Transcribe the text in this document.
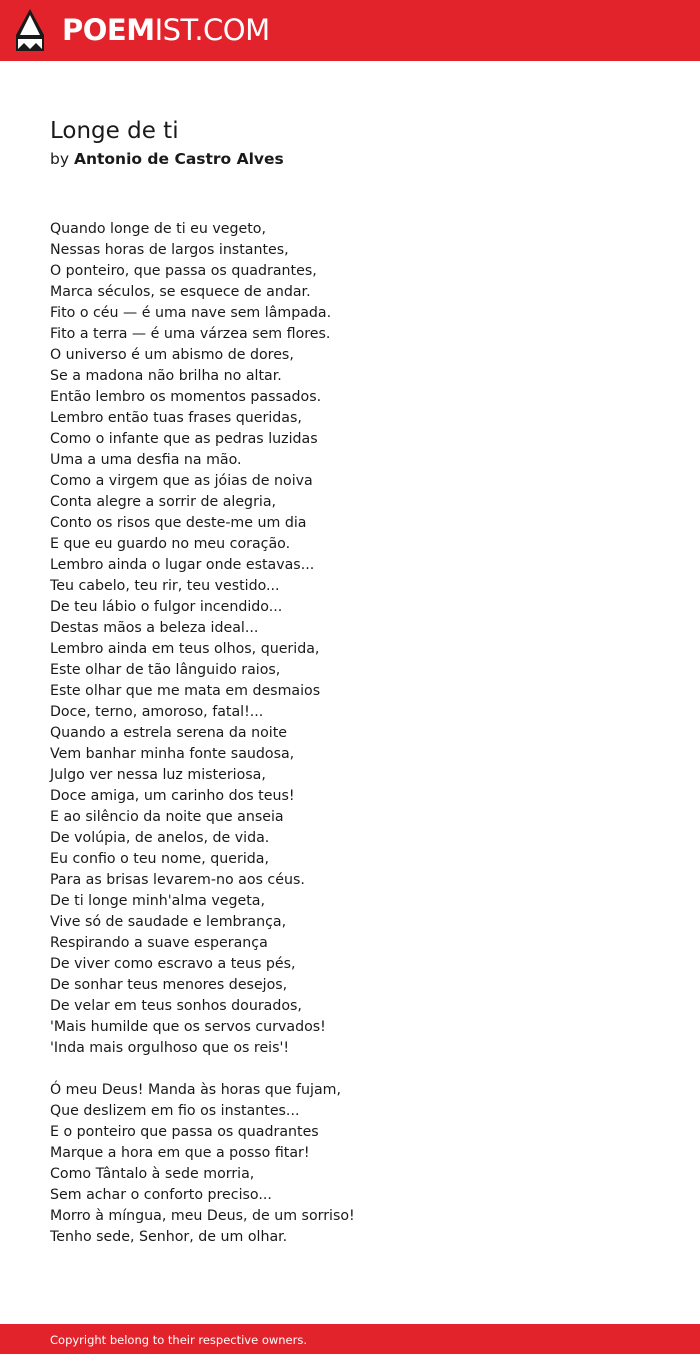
POEMIST.COM
Longe de ti
by Antonio de Castro Alves
Quando longe de ti eu vegeto,
Nessas horas de largos instantes,
O ponteiro, que passa os quadrantes,
Marca séculos, se esquece de andar.
Fito o céu — é uma nave sem lâmpada.
Fito a terra — é uma várzea sem flores.
O universo é um abismo de dores,
Se a madona não brilha no altar.
Então lembro os momentos passados.
Lembro então tuas frases queridas,
Como o infante que as pedras luzidas
Uma a uma desfia na mão.
Como a virgem que as jóias de noiva
Conta alegre a sorrir de alegria,
Conto os risos que deste-me um dia
E que eu guardo no meu coração.
Lembro ainda o lugar onde estavas...
Teu cabelo, teu rir, teu vestido...
De teu lábio o fulgor incendido...
Destas mãos a beleza ideal...
Lembro ainda em teus olhos, querida,
Este olhar de tão lânguido raios,
Este olhar que me mata em desmaios
Doce, terno, amoroso, fatal!...
Quando a estrela serena da noite
Vem banhar minha fonte saudosa,
Julgo ver nessa luz misteriosa,
Doce amiga, um carinho dos teus!
E ao silêncio da noite que anseia
De volúpia, de anelos, de vida.
Eu confio o teu nome, querida,
Para as brisas levarem-no aos céus.
De ti longe minh'alma vegeta,
Vive só de saudade e lembrança,
Respirando a suave esperança
De viver como escravo a teus pés,
De sonhar teus menores desejos,
De velar em teus sonhos dourados,
'Mais humilde que os servos curvados!
'Inda mais orgulhoso que os reis'!
Ó meu Deus! Manda às horas que fujam,
Que deslizem em fio os instantes...
E o ponteiro que passa os quadrantes
Marque a hora em que a posso fitar!
Como Tântalo à sede morria,
Sem achar o conforto preciso...
Morro à míngua, meu Deus, de um sorriso!
Tenho sede, Senhor, de um olhar.
Copyright belong to their respective owners.
